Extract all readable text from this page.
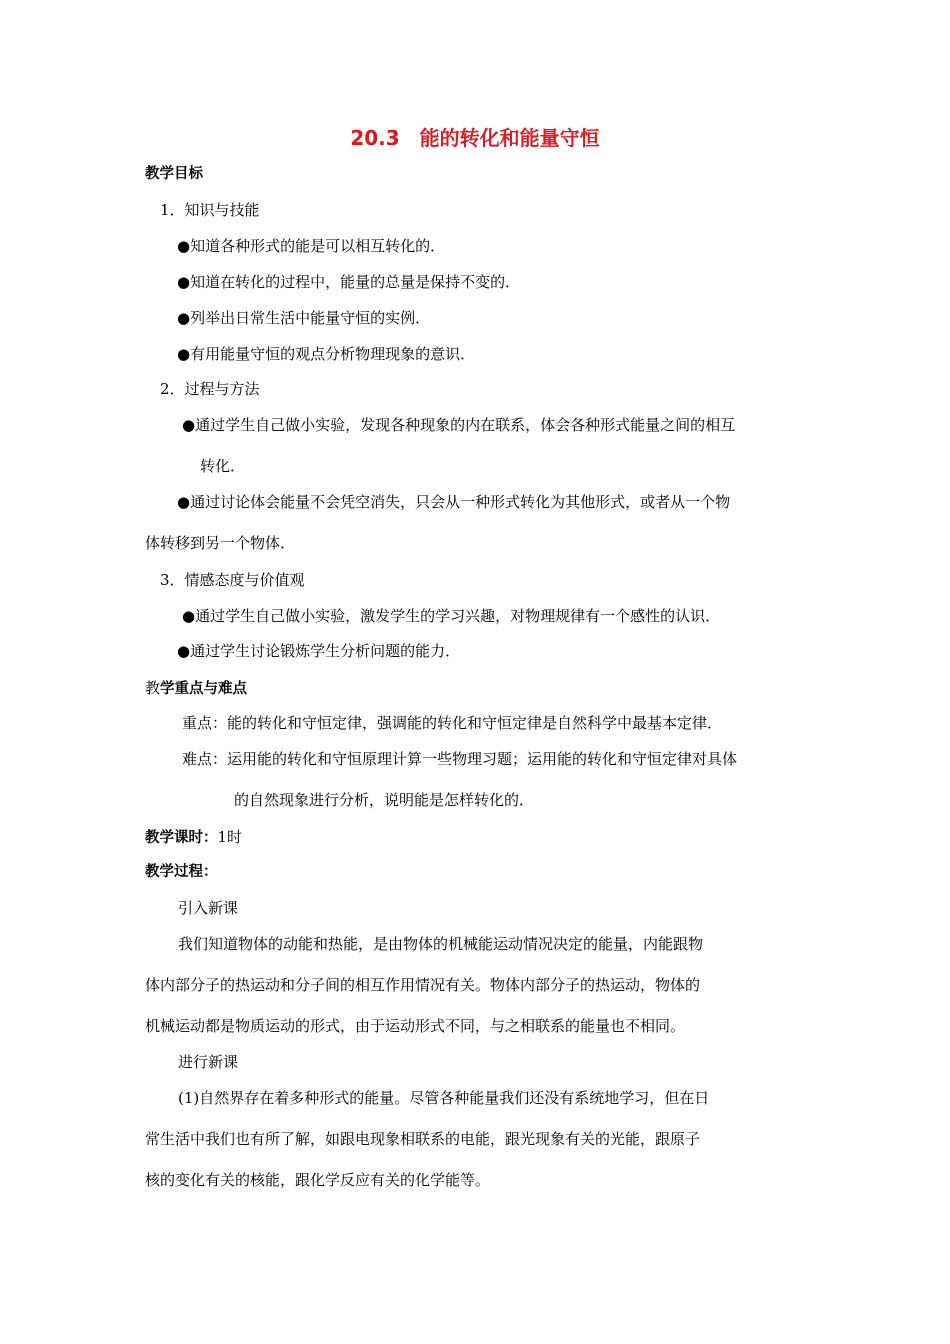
20.3　能的转化和能量守恒
教学目标
1．知识与技能
●知道各种形式的能是可以相互转化的．
●知道在转化的过程中，能量的总量是保持不变的．
●列举出日常生活中能量守恒的实例．
●有用能量守恒的观点分析物理现象的意识．
2．过程与方法
●通过学生自己做小实验，发现各种现象的内在联系，体会各种形式能量之间的相互
转化．
●通过讨论体会能量不会凭空消失，只会从一种形式转化为其他形式，或者从一个物
体转移到另一个物体．
3．情感态度与价值观
●通过学生自己做小实验，激发学生的学习兴趣，对物理规律有一个感性的认识．
●通过学生讨论锻炼学生分析问题的能力．
教学重点与难点
重点：能的转化和守恒定律，强调能的转化和守恒定律是自然科学中最基本定律．
难点：运用能的转化和守恒原理计算一些物理习题；运用能的转化和守恒定律对具体
的自然现象进行分析，说明能是怎样转化的．
教学课时：1时
教学过程：
引入新课
我们知道物体的动能和热能，是由物体的机械能运动情况决定的能量，内能跟物
体内部分子的热运动和分子间的相互作用情况有关。物体内部分子的热运动，物体的
机械运动都是物质运动的形式，由于运动形式不同，与之相联系的能量也不相同。
进行新课
(1)自然界存在着多种形式的能量。尽管各种能量我们还没有系统地学习，但在日
常生活中我们也有所了解，如跟电现象相联系的电能，跟光现象有关的光能，跟原子
核的变化有关的核能，跟化学反应有关的化学能等。
